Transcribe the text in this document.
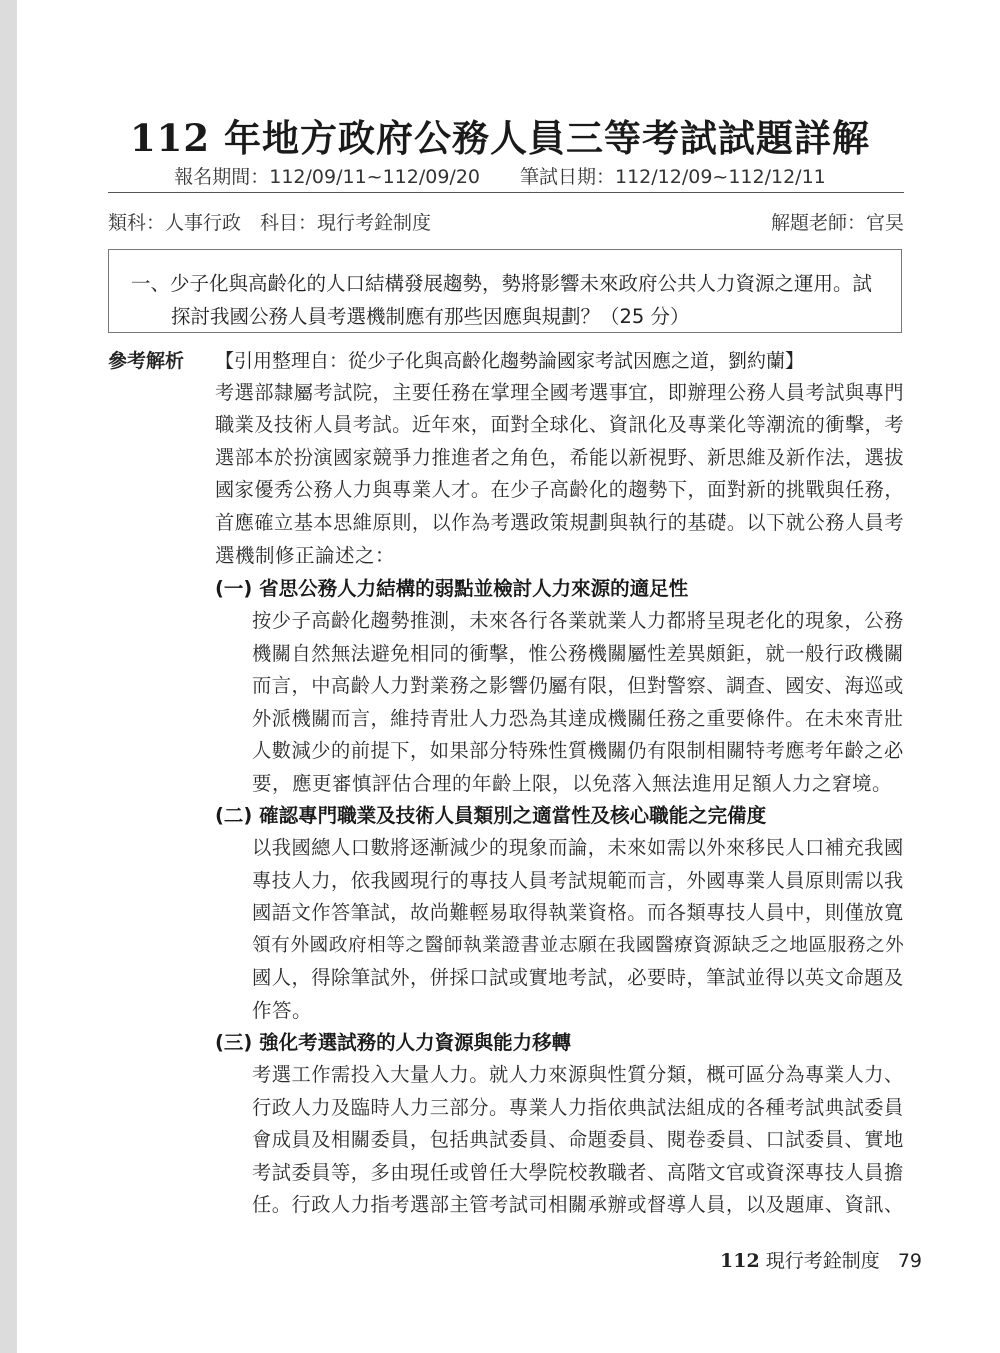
112 年地方政府公務人員三等考試試題詳解
報名期間：112/09/11~112/09/20 筆試日期：112/12/09~112/12/11
類科：人事行政　科目：現行考銓制度	解題老師：官旲
一、少子化與高齡化的人口結構發展趨勢，勢將影響未來政府公共人力資源之運用。試
探討我國公務人員考選機制應有那些因應與規劃？（25 分）
參考解析 【引用整理自：從少子化與高齡化趨勢論國家考試因應之道，劉約蘭】
考選部隸屬考試院，主要任務在掌理全國考選事宜，即辦理公務人員考試與專門
職業及技術人員考試。近年來，面對全球化、資訊化及專業化等潮流的衝擊，考
選部本於扮演國家競爭力推進者之角色，希能以新視野、新思維及新作法，選拔
國家優秀公務人力與專業人才。在少子高齡化的趨勢下，面對新的挑戰與任務，
首應確立基本思維原則，以作為考選政策規劃與執行的基礎。以下就公務人員考
選機制修正論述之：
(一) 省思公務人力結構的弱點並檢討人力來源的適足性
按少子高齡化趨勢推測，未來各行各業就業人力都將呈現老化的現象，公務
機關自然無法避免相同的衝擊，惟公務機關屬性差異頗鉅，就一般行政機關
而言，中高齡人力對業務之影響仍屬有限，但對警察、調查、國安、海巡或
外派機關而言，維持青壯人力恐為其達成機關任務之重要條件。在未來青壯
人數減少的前提下，如果部分特殊性質機關仍有限制相關特考應考年齡之必
要，應更審慎評估合理的年齡上限，以免落入無法進用足額人力之窘境。
(二) 確認專門職業及技術人員類別之適當性及核心職能之完備度
以我國總人口數將逐漸減少的現象而論，未來如需以外來移民人口補充我國
專技人力，依我國現行的專技人員考試規範而言，外國專業人員原則需以我
國語文作答筆試，故尚難輕易取得執業資格。而各類專技人員中，則僅放寬
領有外國政府相等之醫師執業證書並志願在我國醫療資源缺乏之地區服務之外
國人，得除筆試外，併採口試或實地考試，必要時，筆試並得以英文命題及
作答。
(三) 強化考選試務的人力資源與能力移轉
考選工作需投入大量人力。就人力來源與性質分類，概可區分為專業人力、
行政人力及臨時人力三部分。專業人力指依典試法組成的各種考試典試委員
會成員及相關委員，包括典試委員、命題委員、閱卷委員、口試委員、實地
考試委員等，多由現任或曾任大學院校教職者、高階文官或資深專技人員擔
任。行政人力指考選部主管考試司相關承辦或督導人員，以及題庫、資訊、
112 現行考銓制度 79
